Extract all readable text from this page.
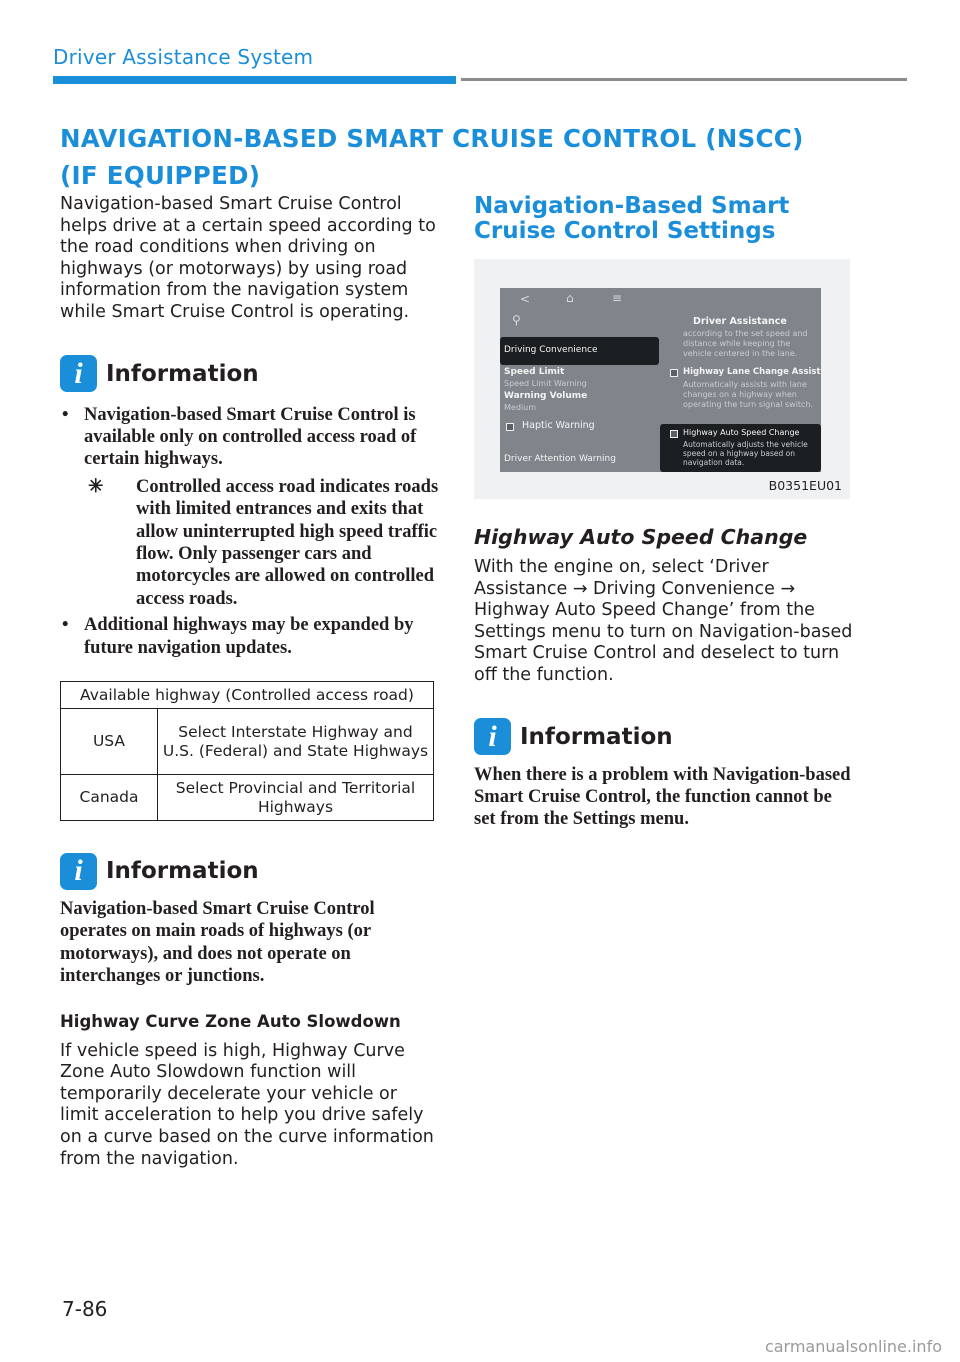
Driver Assistance System
NAVIGATION-BASED SMART CRUISE CONTROL (NSCC)
(IF EQUIPPED)

Navigation-based Smart Cruise Control helps drive at a certain speed according to the road conditions when driving on highways (or motorways) by using road information from the navigation system while Smart Cruise Control is operating.

i Information
• Navigation-based Smart Cruise Control is available only on controlled access road of certain highways.
✳ Controlled access road indicates roads with limited entrances and exits that allow uninterrupted high speed traffic flow. Only passenger cars and motorcycles are allowed on controlled access roads.
• Additional highways may be expanded by future navigation updates.
Available highway (Controlled access road)	
USA	Select Interstate Highway and U.S. (Federal) and State Highways
Canada	Select Provincial and Territorial Highways
i Information

Navigation-based Smart Cruise Control operates on main roads of highways (or motorways), and does not operate on interchanges or junctions.

Highway Curve Zone Auto Slowdown

If vehicle speed is high, Highway Curve Zone Auto Slowdown function will temporarily decelerate your vehicle or limit acceleration to help you drive safely on a curve based on the curve information from the navigation.

Navigation-Based Smart Cruise Control Settings
<	⌂	≡
⚲
Driving Convenience
Speed Limit
Speed Limit Warning
Warning Volume
Medium
Haptic Warning
Driver Attention Warning
Driver Assistance
according to the set speed and distance while keeping the vehicle centered in the lane.
Highway Lane Change Assist
Automatically assists with lane changes on a highway when operating the turn signal switch.
Highway Auto Speed Change
Automatically adjusts the vehicle speed on a highway based on navigation data.
B0351EU01
Highway Auto Speed Change

With the engine on, select ‘Driver Assistance → Driving Convenience → Highway Auto Speed Change’ from the Settings menu to turn on Navigation-based Smart Cruise Control and deselect to turn off the function.

i Information

When there is a problem with Navigation-based Smart Cruise Control, the function cannot be set from the Settings menu.

7-86
carmanualsonline.info
